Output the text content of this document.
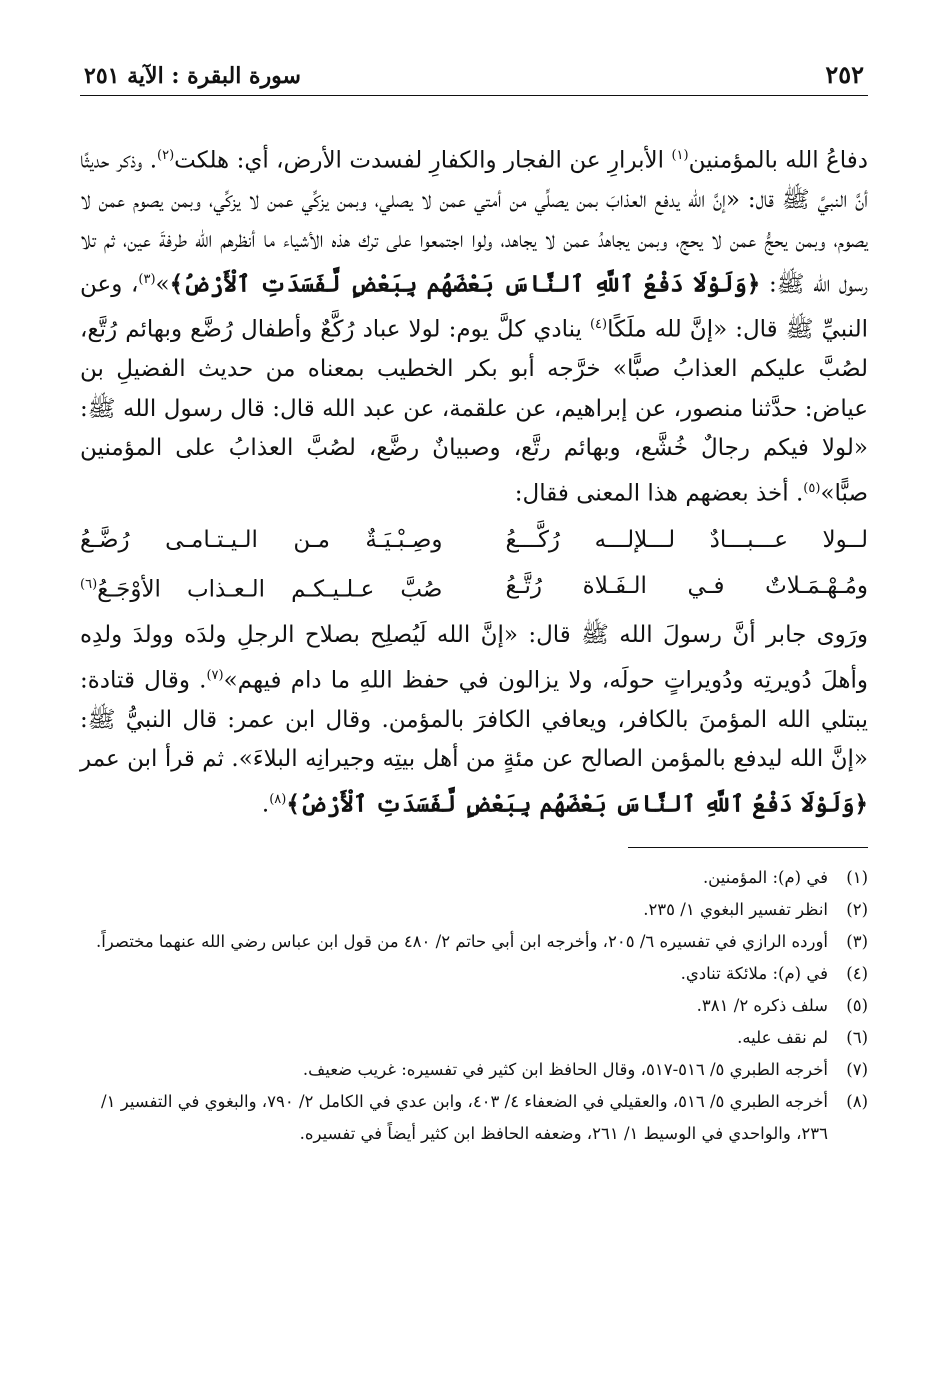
٢٥٢
سورة البقرة : الآية ٢٥١

دفاعُ الله بالمؤمنين$^{(١)}$ الأبرارِ عن الفجار والكفارِ لفسدت الأرض، أي: هلكت$^{(٢)}$. وذكر حديثًا أنَّ النبيَّ ﷺ قال: «إنَّ الله يدفع العذابَ بمن يصلِّي من أمتي عمن لا يصلي، وبمن يزكِّي عمن لا يزكِّي، وبمن يصوم عمن لا يصوم، وبمن يحجُّ عمن لا يحج، وبمن يجاهدُ عمن لا يجاهد، ولوا اجتمعوا على ترك هذه الأشياء ما أنظرهم الله طرفةَ عين، ثم تلا رسول الله ﷺ: ﴿وَلَوْلَا دَفْعُ ٱللَّهِ ٱلنَّاسَ بَعْضَهُم بِبَعْضٍ لَّفَسَدَتِ ٱلْأَرْضُ﴾»$^{(٣)}$، وعن النبيِّ ﷺ قال: «إنَّ لله ملَكًا$^{(٤)}$ ينادي كلَّ يوم: لولا عباد رُكَّعٌ وأطفال رُضَّع وبهائم رُتَّع، لصُبَّ عليكم العذابُ صبًّا» خرَّجه أبو بكر الخطيب بمعناه من حديث الفضيلِ بن عياض: حدَّثنا منصور، عن إبراهيم، عن علقمة، عن عبد الله قال: قال رسول الله ﷺ: «لولا فيكم رجالٌ خُشَّع، وبهائم رتَّع، وصبيانٌ رضَّع، لصُبَّ العذابُ على المؤمنين صبًّا»$^{(٥)}$. أخذ بعضهم هذا المعنى فقال:

لــولا عـــبـــادٌ لـــلإلـــه رُكَّـــعُ
وصِـبْـيَـةٌ مـن الـيـتـامـى رُضَّـعُ
ومُـهْـمَـلاتٌ فـي الـفَـلاة رُتَّـعُ
صُبَّ عـلـيـكـم الـعـذاب الأوْجَـعُ$^{(٦)}$

ورَوى جابر أنَّ رسولَ الله ﷺ قال: «إنَّ الله لَيُصلِح بصلاح الرجلِ ولدَه وولدَ ولدِه وأهلَ دُويرتِه ودُويراتٍ حولَه، ولا يزالون في حفظ اللهِ ما دام فيهم»$^{(٧)}$. وقال قتادة: يبتلي الله المؤمنَ بالكافر، ويعافي الكافرَ بالمؤمن. وقال ابن عمر: قال النبيُّ ﷺ: «إنَّ الله ليدفع بالمؤمن الصالح عن مئةٍ من أهل بيتِه وجيرانِه البلاءَ». ثم قرأ ابن عمر ﴿وَلَوْلَا دَفْعُ ٱللَّهِ ٱلنَّاسَ بَعْضَهُم بِبَعْضٍ لَّفَسَدَتِ ٱلْأَرْضُ﴾$^{(٨)}$.

(١)
في (م): المؤمنين.
(٢)
انظر تفسير البغوي ١/ ٢٣٥.
(٣)
أورده الرازي في تفسيره ٦/ ٢٠٥، وأخرجه ابن أبي حاتم ٢/ ٤٨٠ من قول ابن عباس رضي الله عنهما مختصراً.
(٤)
في (م): ملائكة تنادي.
(٥)
سلف ذكره ٢/ ٣٨١.
(٦)
لم نقف عليه.
(٧)
أخرجه الطبري ٥/ ٥١٦-٥١٧، وقال الحافظ ابن كثير في تفسيره: غريب ضعيف.
(٨)
أخرجه الطبري ٥/ ٥١٦، والعقيلي في الضعفاء ٤/ ٤٠٣، وابن عدي في الكامل ٢/ ٧٩٠، والبغوي في التفسير ١/ ٢٣٦، والواحدي في الوسيط ١/ ٢٦١، وضعفه الحافظ ابن كثير أيضاً في تفسيره.
